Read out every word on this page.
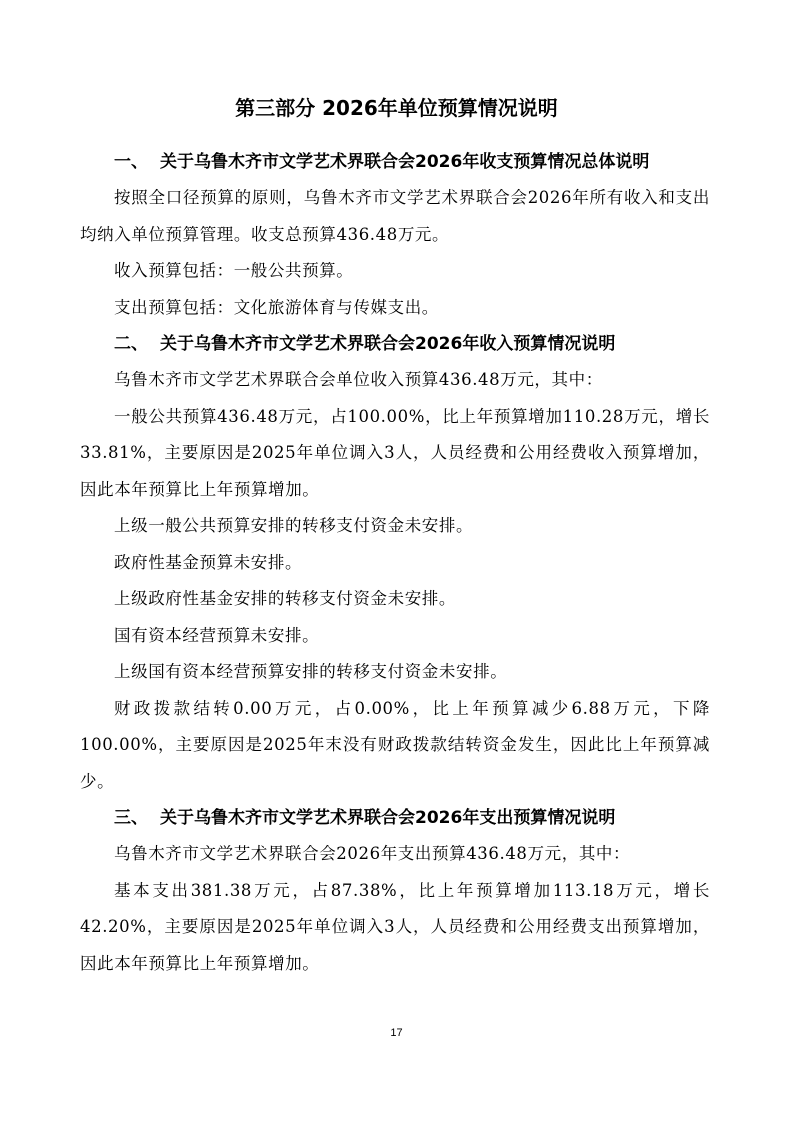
第三部分 2026年单位预算情况说明
一、 关于乌鲁木齐市文学艺术界联合会2026年收支预算情况总体说明

按照全口径预算的原则，乌鲁木齐市文学艺术界联合会2026年所有收入和支出均纳入单位预算管理。收支总预算436.48万元。

收入预算包括：一般公共预算。

支出预算包括：文化旅游体育与传媒支出。

二、 关于乌鲁木齐市文学艺术界联合会2026年收入预算情况说明

乌鲁木齐市文学艺术界联合会单位收入预算436.48万元，其中：

一般公共预算436.48万元，占100.00%，比上年预算增加110.28万元，增长33.81%，主要原因是2025年单位调入3人，人员经费和公用经费收入预算增加，因此本年预算比上年预算增加。

上级一般公共预算安排的转移支付资金未安排。

政府性基金预算未安排。

上级政府性基金安排的转移支付资金未安排。

国有资本经营预算未安排。

上级国有资本经营预算安排的转移支付资金未安排。

财政拨款结转0.00万元，占0.00%，比上年预算减少6.88万元，下降100.00%，主要原因是2025年末没有财政拨款结转资金发生，因此比上年预算减少。

三、 关于乌鲁木齐市文学艺术界联合会2026年支出预算情况说明

乌鲁木齐市文学艺术界联合会2026年支出预算436.48万元，其中：

基本支出381.38万元，占87.38%，比上年预算增加113.18万元，增长42.20%，主要原因是2025年单位调入3人，人员经费和公用经费支出预算增加，因此本年预算比上年预算增加。

17
